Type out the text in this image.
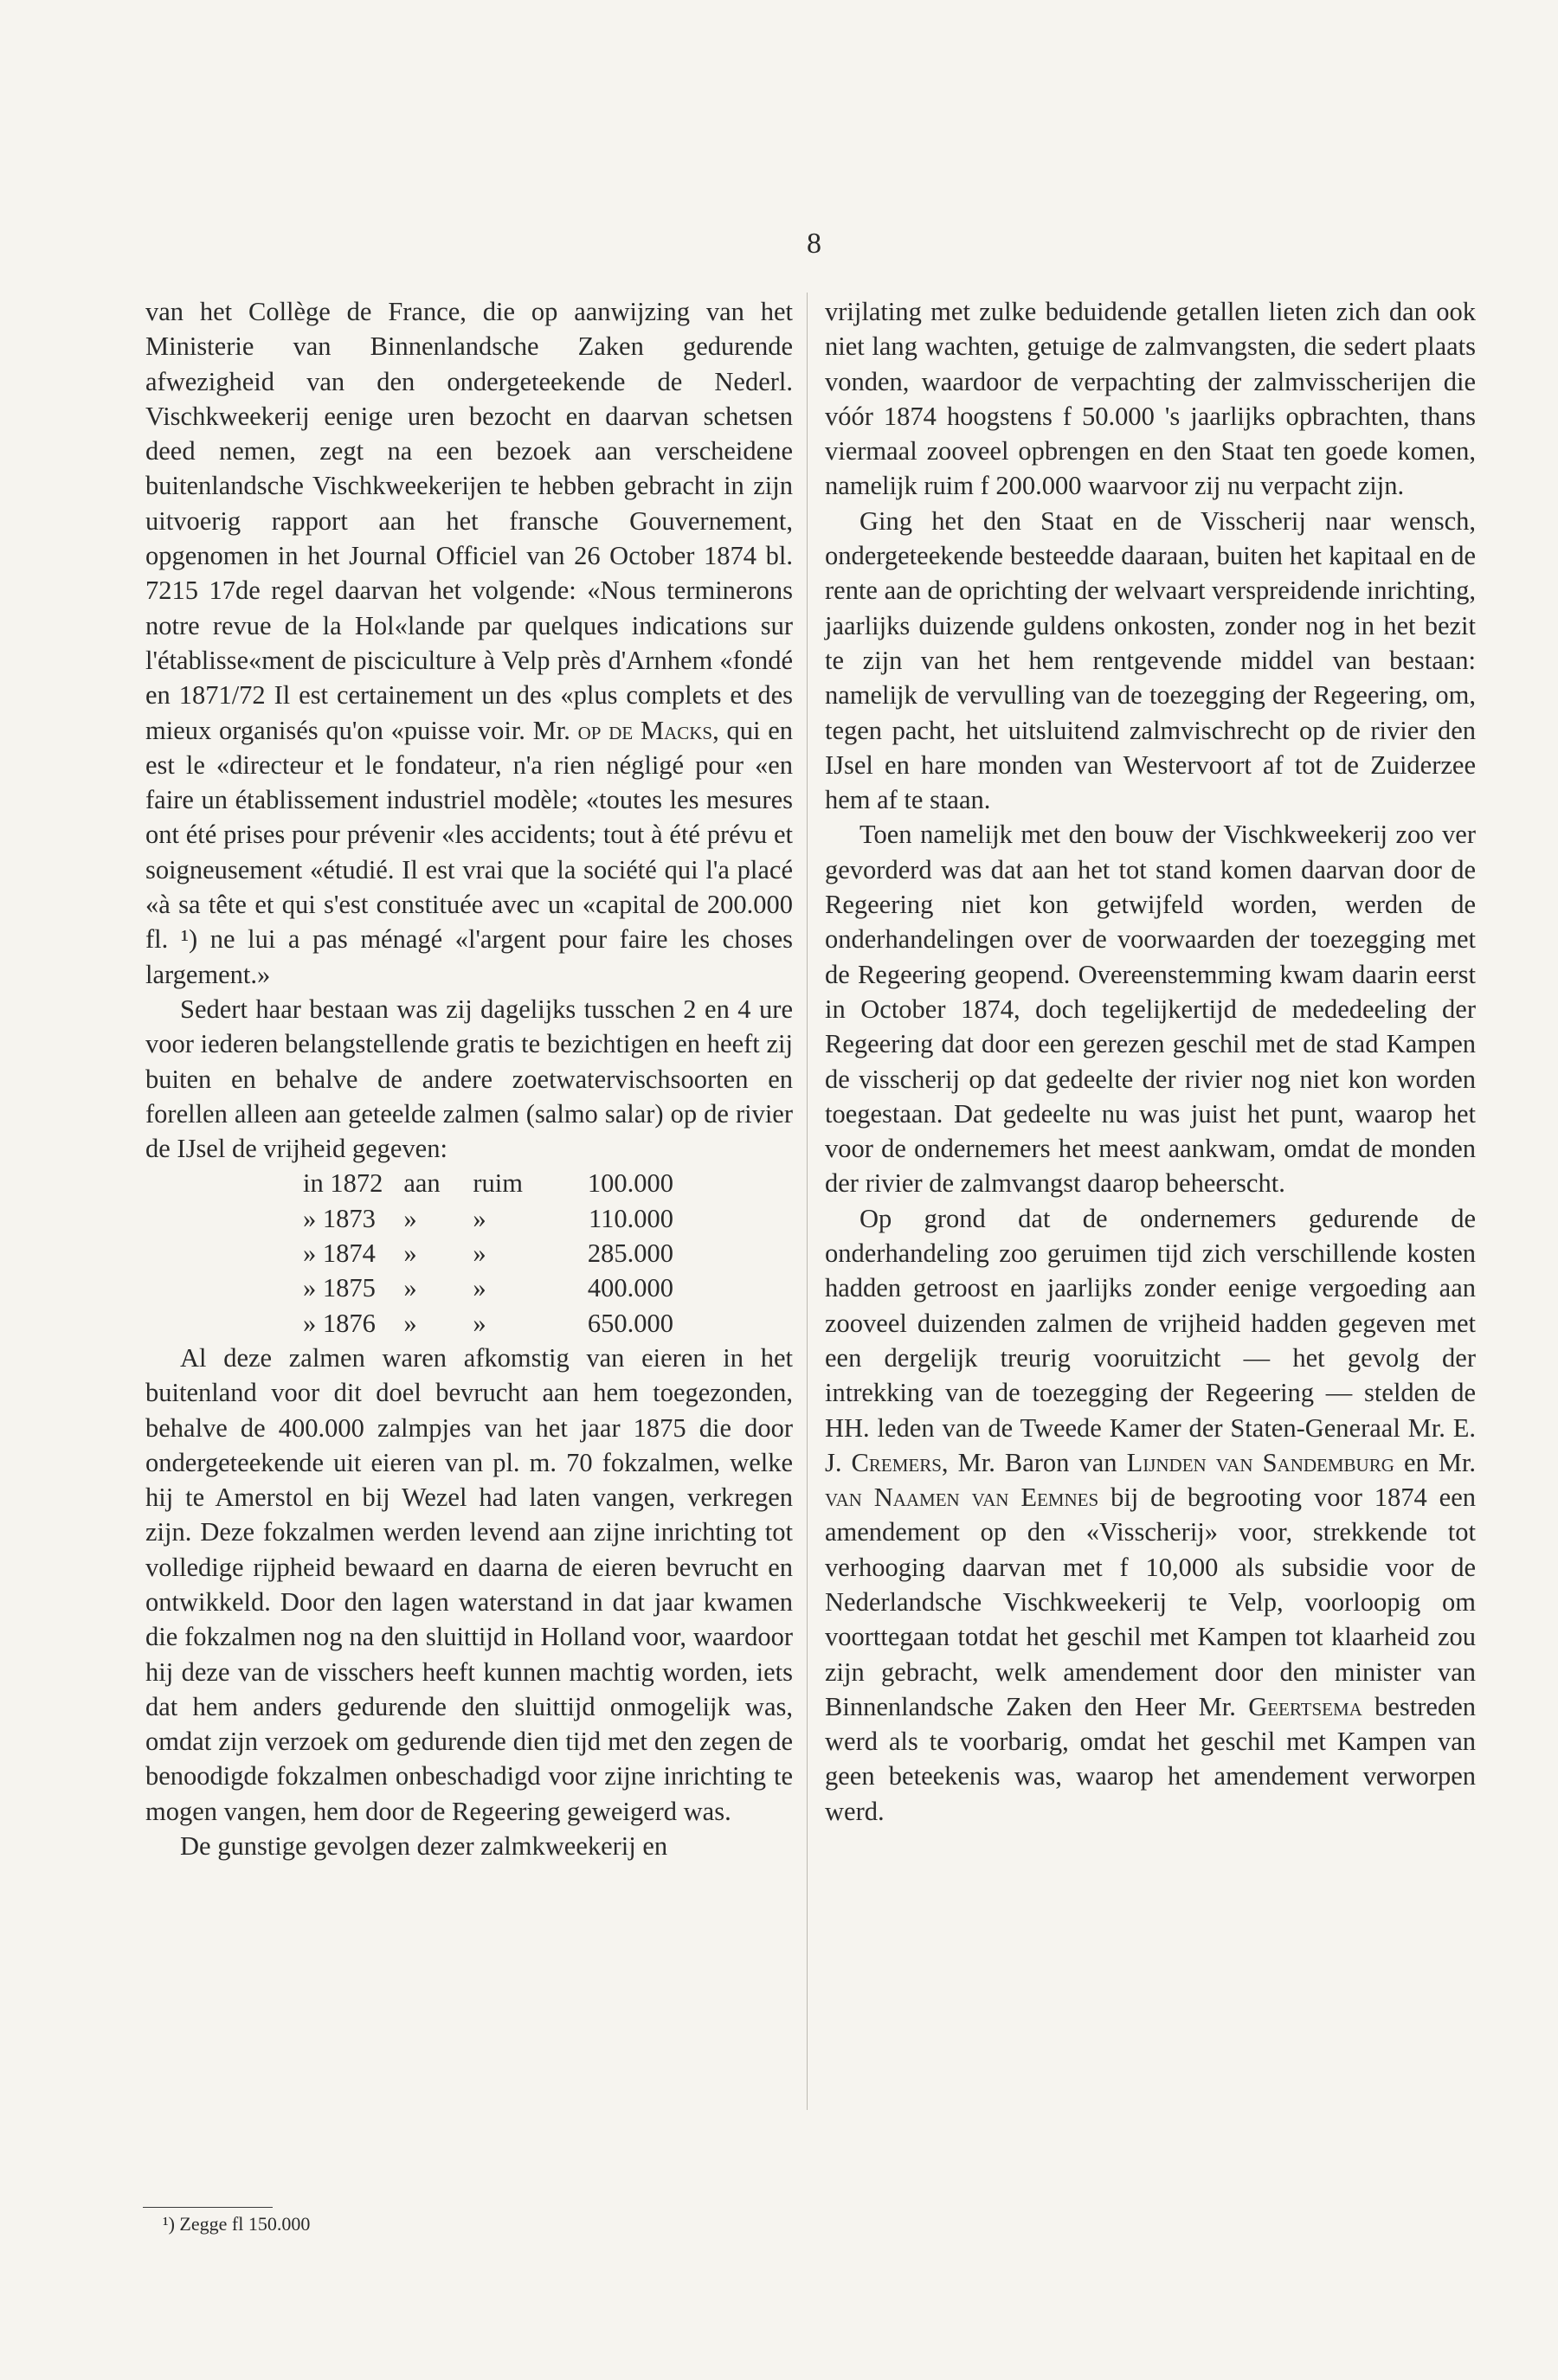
8

van het Collège de France, die op aanwijzing van het Ministerie van Binnenlandsche Zaken gedurende afwezigheid van den ondergeteekende de Nederl. Vischkweekerij eenige uren bezocht en daarvan schetsen deed nemen, zegt na een bezoek aan verscheidene buitenlandsche Vischkweekerijen te hebben gebracht in zijn uitvoerig rapport aan het fransche Gouvernement, opgenomen in het Journal Officiel van 26 October 1874 bl. 7215 17de regel daarvan het volgende: «Nous terminerons notre revue de la Hol«lande par quelques indications sur l'établisse«ment de pisciculture à Velp près d'Arnhem «fondé en 1871/72 Il est certainement un des «plus complets et des mieux organisés qu'on «puisse voir. Mr. op de Macks, qui en est le «directeur et le fondateur, n'a rien négligé pour «en faire un établissement industriel modèle; «toutes les mesures ont été prises pour prévenir «les accidents; tout à été prévu et soigneusement «étudié. Il est vrai que la société qui l'a placé «à sa tête et qui s'est constituée avec un «capital de 200.000 fl. ¹) ne lui a pas ménagé «l'argent pour faire les choses largement.»

Sedert haar bestaan was zij dagelijks tusschen 2 en 4 ure voor iederen belangstellende gratis te bezichtigen en heeft zij buiten en behalve de andere zoetwatervischsoorten en forellen alleen aan geteelde zalmen (salmo salar) op de rivier de IJsel de vrijheid gegeven:

in 1872	aan	ruim	100.000
» 1873	»	»	110.000
» 1874	»	»	285.000
» 1875	»	»	400.000
» 1876	»	»	650.000

Al deze zalmen waren afkomstig van eieren in het buitenland voor dit doel bevrucht aan hem toegezonden, behalve de 400.000 zalmpjes van het jaar 1875 die door ondergeteekende uit eieren van pl. m. 70 fokzalmen, welke hij te Amerstol en bij Wezel had laten vangen, verkregen zijn. Deze fokzalmen werden levend aan zijne inrichting tot volledige rijpheid bewaard en daarna de eieren bevrucht en ontwikkeld. Door den lagen waterstand in dat jaar kwamen die fokzalmen nog na den sluittijd in Holland voor, waardoor hij deze van de visschers heeft kunnen machtig worden, iets dat hem anders gedurende den sluittijd onmogelijk was, omdat zijn verzoek om gedurende dien tijd met den zegen de benoodigde fokzalmen onbeschadigd voor zijne inrichting te mogen vangen, hem door de Regeering geweigerd was.

De gunstige gevolgen dezer zalmkweekerij en

vrijlating met zulke beduidende getallen lieten zich dan ook niet lang wachten, getuige de zalmvangsten, die sedert plaats vonden, waardoor de verpachting der zalmvisscherijen die vóór 1874 hoogstens f 50.000 's jaarlijks opbrachten, thans viermaal zooveel opbrengen en den Staat ten goede komen, namelijk ruim f 200.000 waarvoor zij nu verpacht zijn.

Ging het den Staat en de Visscherij naar wensch, ondergeteekende besteedde daaraan, buiten het kapitaal en de rente aan de oprichting der welvaart verspreidende inrichting, jaarlijks duizende guldens onkosten, zonder nog in het bezit te zijn van het hem rentgevende middel van bestaan: namelijk de vervulling van de toezegging der Regeering, om, tegen pacht, het uitsluitend zalmvischrecht op de rivier den IJsel en hare monden van Westervoort af tot de Zuiderzee hem af te staan.

Toen namelijk met den bouw der Vischkweekerij zoo ver gevorderd was dat aan het tot stand komen daarvan door de Regeering niet kon getwijfeld worden, werden de onderhandelingen over de voorwaarden der toezegging met de Regeering geopend. Overeenstemming kwam daarin eerst in October 1874, doch tegelijkertijd de mededeeling der Regeering dat door een gerezen geschil met de stad Kampen de visscherij op dat gedeelte der rivier nog niet kon worden toegestaan. Dat gedeelte nu was juist het punt, waarop het voor de ondernemers het meest aankwam, omdat de monden der rivier de zalmvangst daarop beheerscht.

Op grond dat de ondernemers gedurende de onderhandeling zoo geruimen tijd zich verschillende kosten hadden getroost en jaarlijks zonder eenige vergoeding aan zooveel duizenden zalmen de vrijheid hadden gegeven met een dergelijk treurig vooruitzicht — het gevolg der intrekking van de toezegging der Regeering — stelden de HH. leden van de Tweede Kamer der Staten-Generaal Mr. E. J. Cremers, Mr. Baron van Lijnden van Sandemburg en Mr. van Naamen van Eemnes bij de begrooting voor 1874 een amendement op den «Visscherij» voor, strekkende tot verhooging daarvan met f 10,000 als subsidie voor de Nederlandsche Vischkweekerij te Velp, voorloopig om voorttegaan totdat het geschil met Kampen tot klaarheid zou zijn gebracht, welk amendement door den minister van Binnenlandsche Zaken den Heer Mr. Geertsema bestreden werd als te voorbarig, omdat het geschil met Kampen van geen beteekenis was, waarop het amendement verworpen werd.

¹) Zegge fl 150.000
